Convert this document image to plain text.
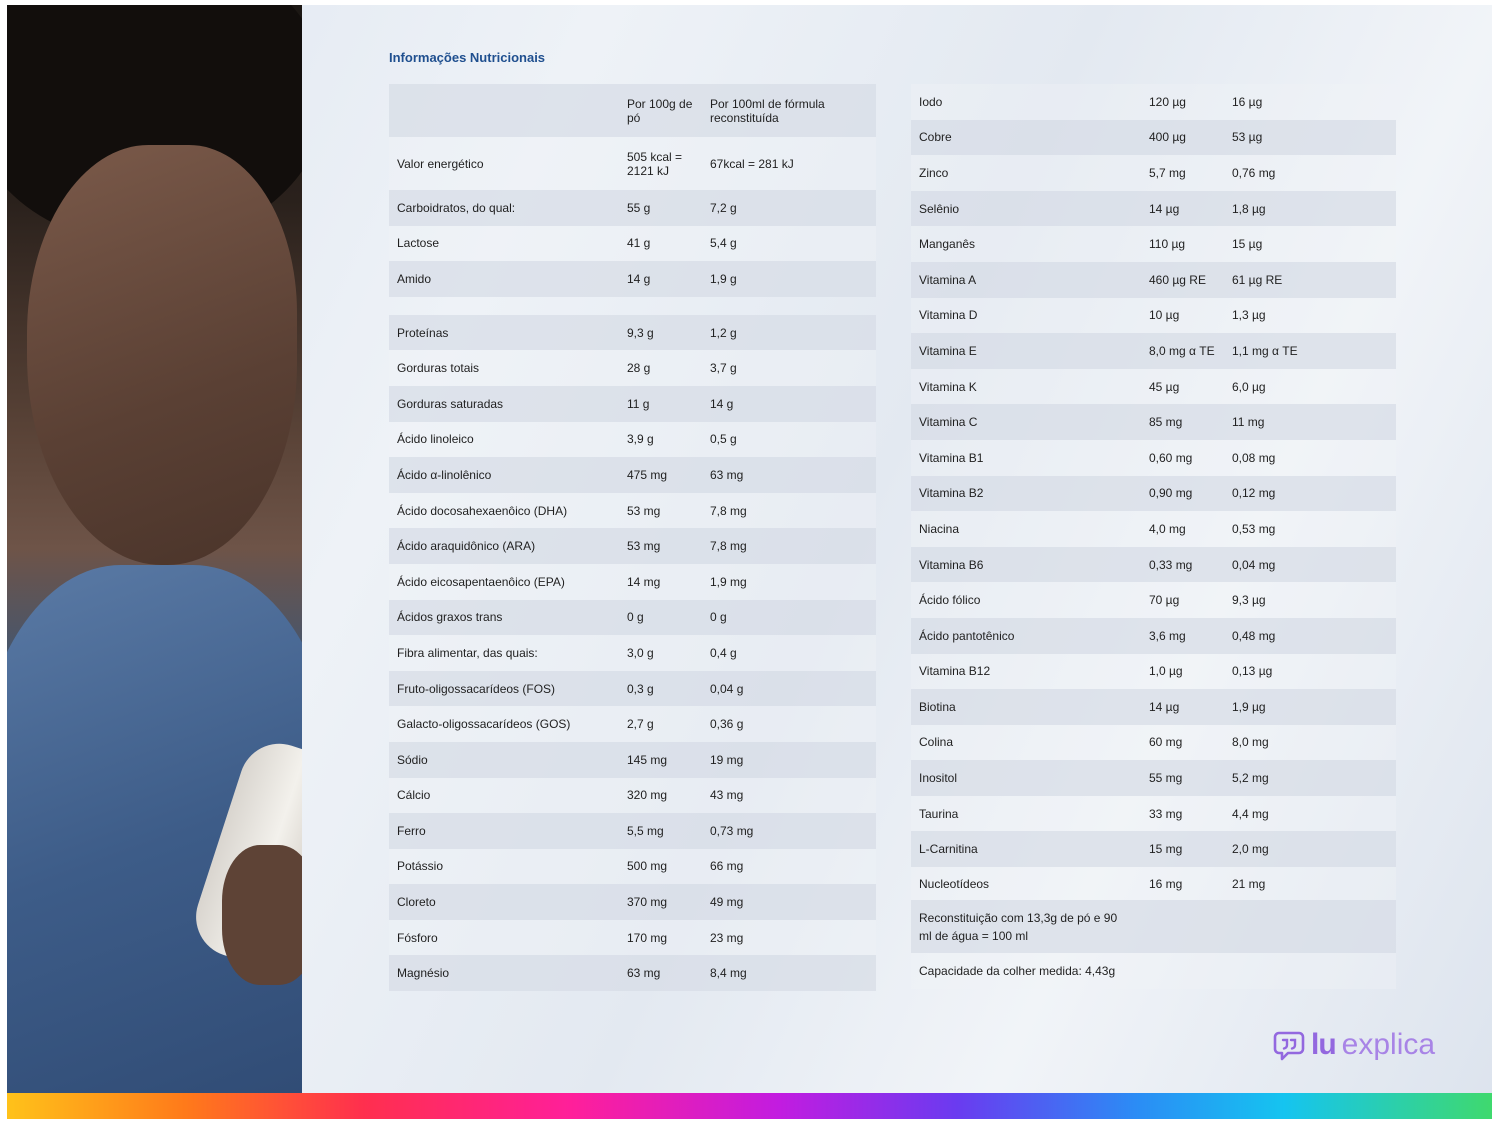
Informações Nutricionais
	Por 100g de pó	Por 100ml de fórmula reconstituída
Valor energético	505 kcal = 2121 kJ	67kcal = 281 kJ
Carboidratos, do qual:	55 g	7,2 g
Lactose	41 g	5,4 g
Amido	14 g	1,9 g

Proteínas	9,3 g	1,2 g
Gorduras totais	28 g	3,7 g
Gorduras saturadas	11 g	14 g
Ácido linoleico	3,9 g	0,5 g
Ácido α-linolênico	475 mg	63 mg
Ácido docosahexaenôico (DHA)	53 mg	7,8 mg
Ácido araquidônico (ARA)	53 mg	7,8 mg
Ácido eicosapentaenôico (EPA)	14 mg	1,9 mg
Ácidos graxos trans	0 g	0 g
Fibra alimentar, das quais:	3,0 g	0,4 g
Fruto-oligossacarídeos (FOS)	0,3 g	0,04 g
Galacto-oligossacarídeos (GOS)	2,7 g	0,36 g
Sódio	145 mg	19 mg
Cálcio	320 mg	43 mg
Ferro	5,5 mg	0,73 mg
Potássio	500 mg	66 mg
Cloreto	370 mg	49 mg
Fósforo	170 mg	23 mg
Magnésio	63 mg	8,4 mg
Iodo	120 µg	16 µg
Cobre	400 µg	53 µg
Zinco	5,7 mg	0,76 mg
Selênio	14 µg	1,8 µg
Manganês	110 µg	15 µg
Vitamina A	460 µg RE	61 µg RE
Vitamina D	10 µg	1,3 µg
Vitamina E	8,0 mg α TE	1,1 mg α TE
Vitamina K	45 µg	6,0 µg
Vitamina C	85 mg	11 mg
Vitamina B1	0,60 mg	0,08 mg
Vitamina B2	0,90 mg	0,12 mg
Niacina	4,0 mg	0,53 mg
Vitamina B6	0,33 mg	0,04 mg
Ácido fólico	70 µg	9,3 µg
Ácido pantotênico	3,6 mg	0,48 mg
Vitamina B12	1,0 µg	0,13 µg
Biotina	14 µg	1,9 µg
Colina	60 mg	8,0 mg
Inositol	55 mg	5,2 mg
Taurina	33 mg	4,4 mg
L-Carnitina	15 mg	2,0 mg
Nucleotídeos	16 mg	21 mg
Reconstituição com 13,3g de pó e 90 ml de água = 100 ml		
Capacidade da colher medida: 4,43g		
lu explica
